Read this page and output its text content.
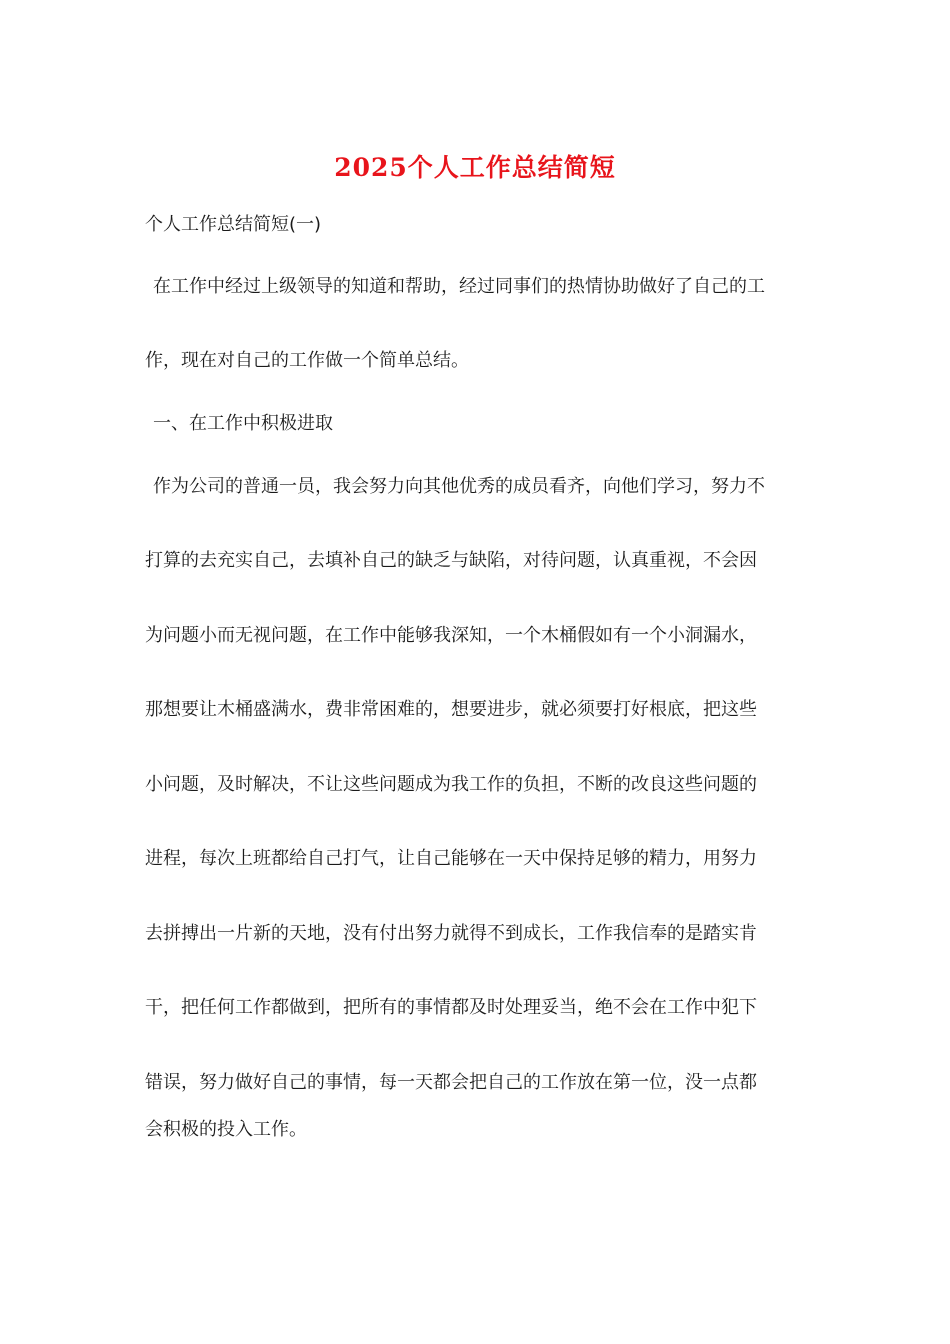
2025个人工作总结简短
个人工作总结简短(一)
在工作中经过上级领导的知道和帮助，经过同事们的热情协助做好了自己的工
作，现在对自己的工作做一个简单总结。
一、在工作中积极进取
作为公司的普通一员，我会努力向其他优秀的成员看齐，向他们学习，努力不
打算的去充实自己，去填补自己的缺乏与缺陷，对待问题，认真重视，不会因
为问题小而无视问题，在工作中能够我深知，一个木桶假如有一个小洞漏水，
那想要让木桶盛满水，费非常困难的，想要进步，就必须要打好根底，把这些
小问题，及时解决，不让这些问题成为我工作的负担，不断的改良这些问题的
进程，每次上班都给自己打气，让自己能够在一天中保持足够的精力，用努力
去拼搏出一片新的天地，没有付出努力就得不到成长，工作我信奉的是踏实肯
干，把任何工作都做到，把所有的事情都及时处理妥当，绝不会在工作中犯下
错误，努力做好自己的事情，每一天都会把自己的工作放在第一位，没一点都
会积极的投入工作。
